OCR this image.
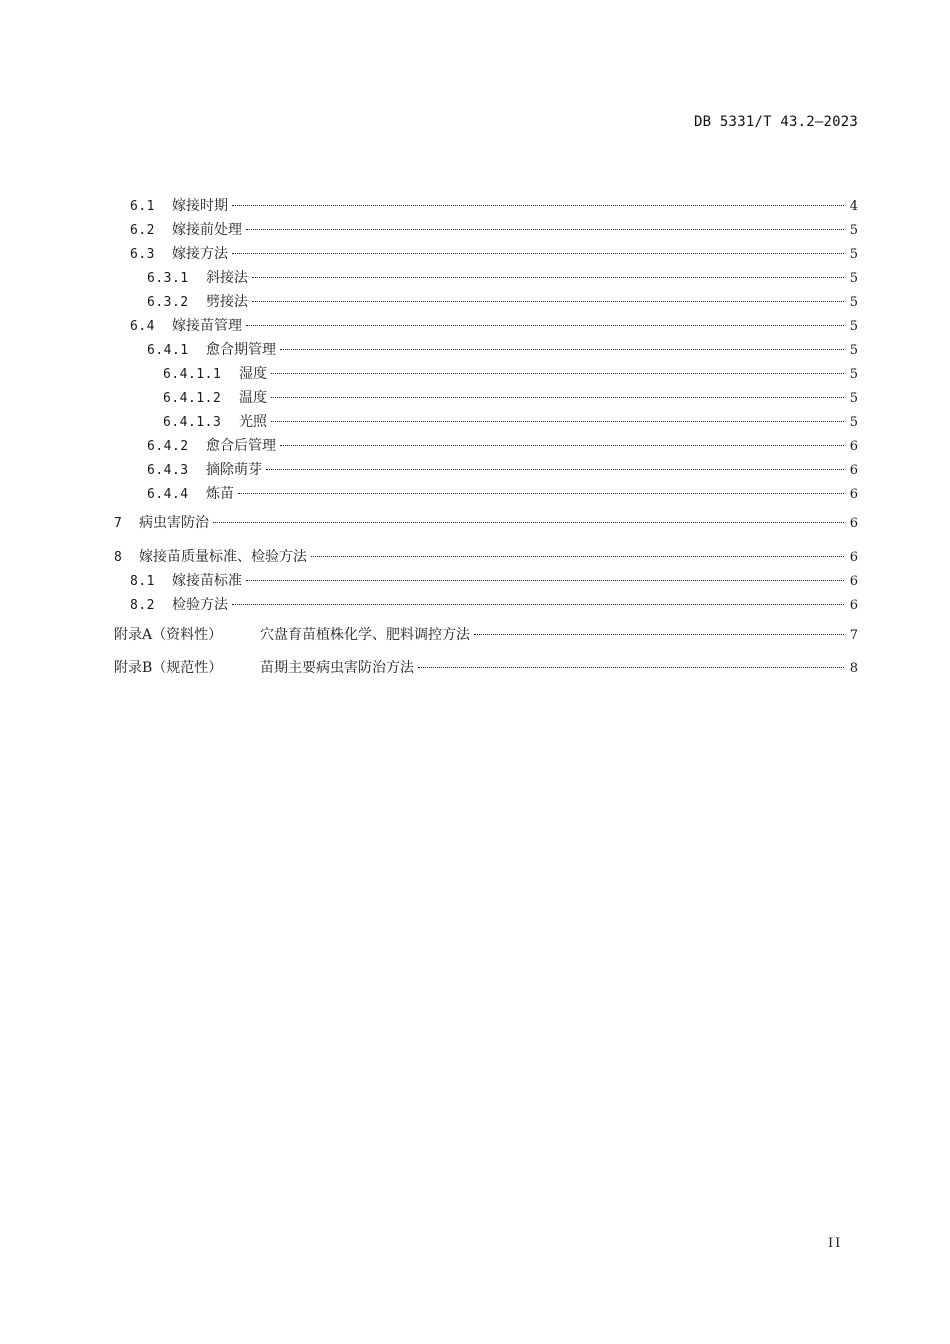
DB 5331/T 43.2—2023
6.1	嫁接时期	4
6.2	嫁接前处理	5
6.3	嫁接方法	5
6.3.1	斜接法	5
6.3.2	劈接法	5
6.4	嫁接苗管理	5
6.4.1	愈合期管理	5
6.4.1.1	湿度	5
6.4.1.2	温度	5
6.4.1.3	光照	5
6.4.2	愈合后管理	6
6.4.3	摘除萌芽	6
6.4.4	炼苗	6
7	病虫害防治	6
8	嫁接苗质量标准、检验方法	6
8.1	嫁接苗标准	6
8.2	检验方法	6
附录A（资料性）	穴盘育苗植株化学、肥料调控方法	7
附录B（规范性）	苗期主要病虫害防治方法	8
II
